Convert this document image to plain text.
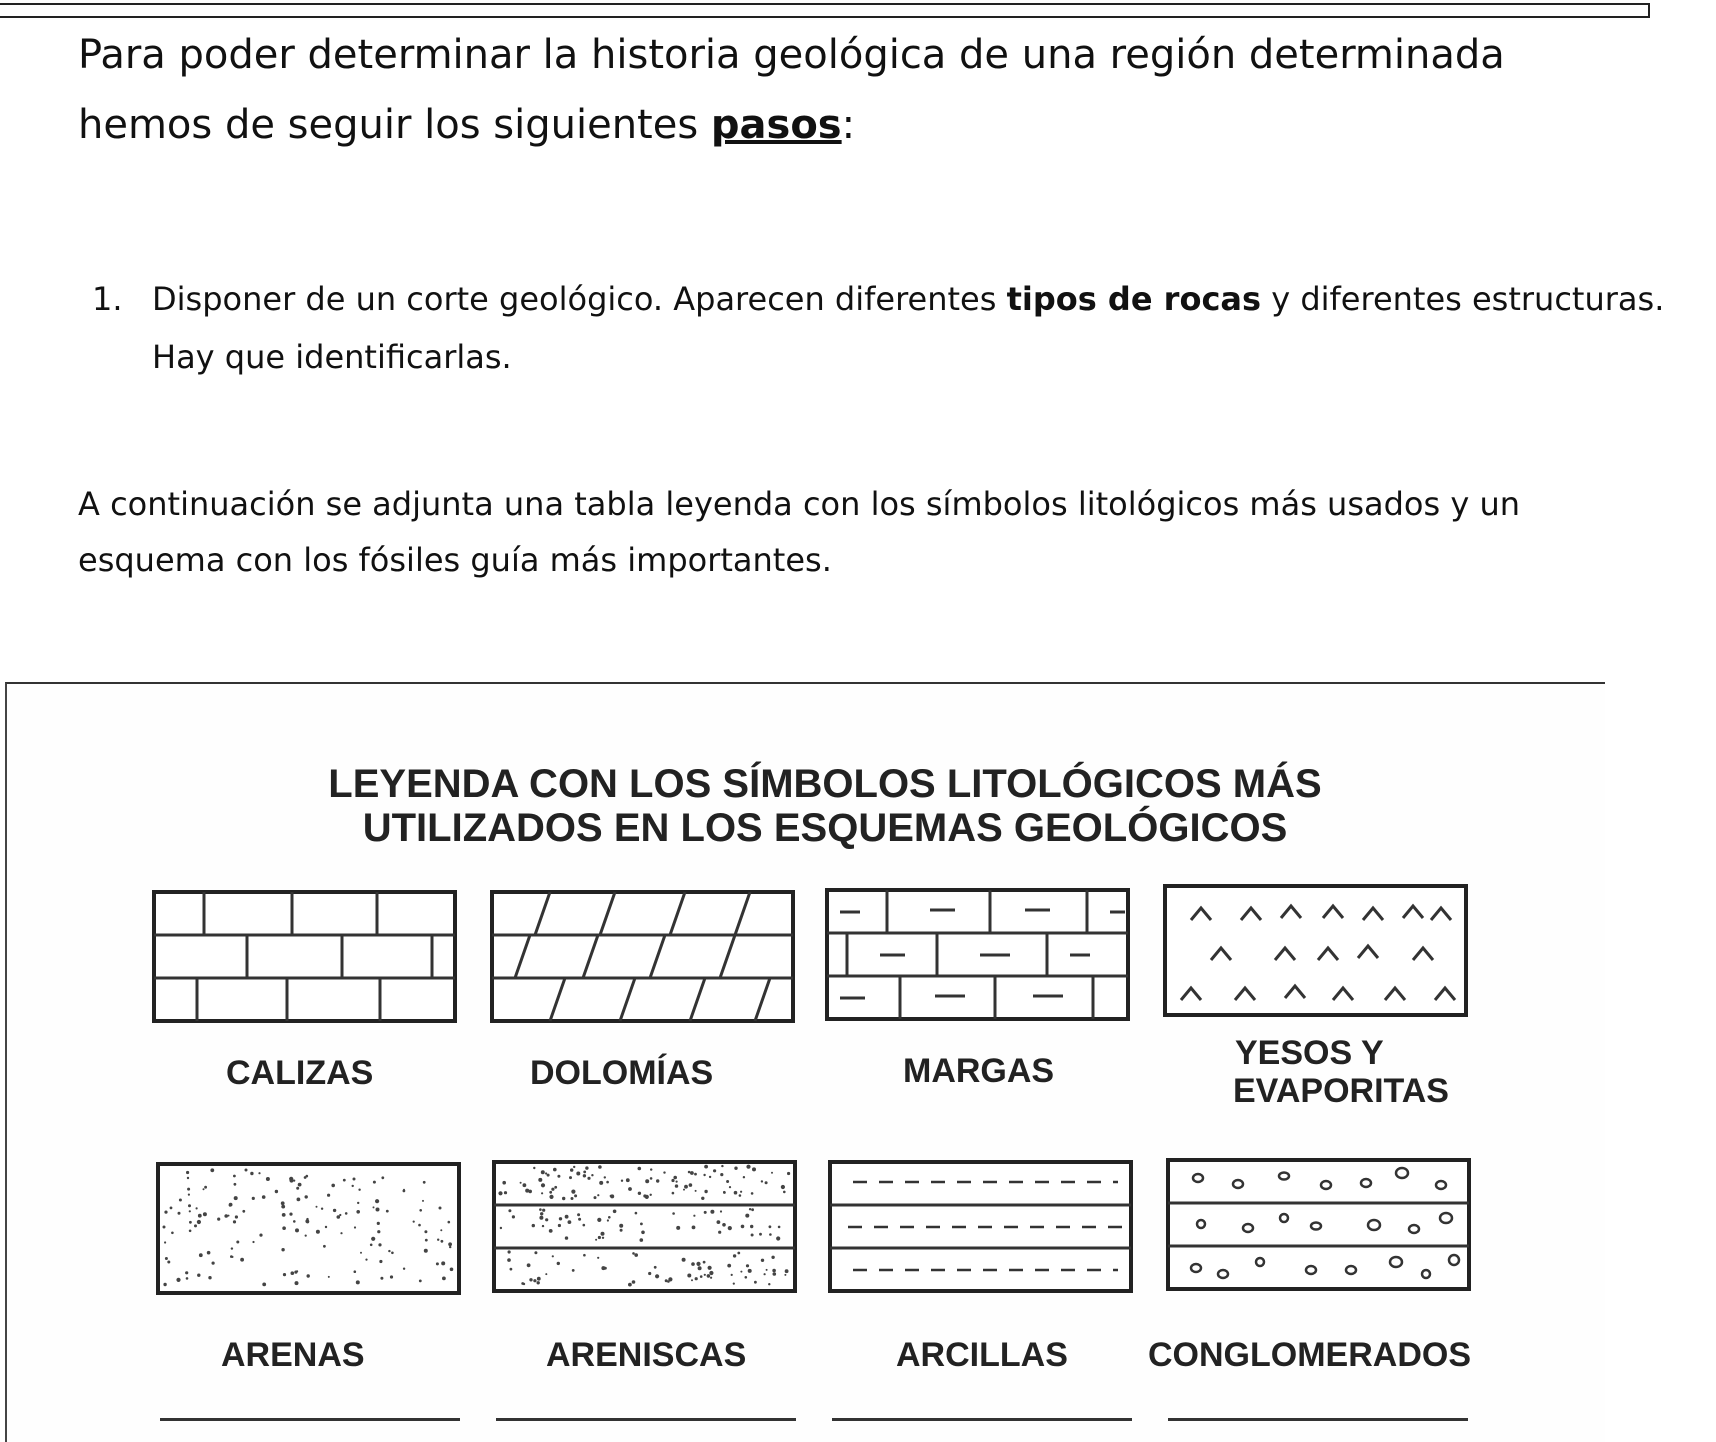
Para poder determinar la historia geológica de una región determinada
hemos de seguir los siguientes pasos:
1. Disponer de un corte geológico. Aparecen diferentes tipos de rocas y diferentes estructuras.
Hay que identificarlas.
A continuación se adjunta una tabla leyenda con los símbolos litológicos más usados y un
esquema con los fósiles guía más importantes.
LEYENDA CON LOS SÍMBOLOS LITOLÓGICOS MÁS
UTILIZADOS EN LOS ESQUEMAS GEOLÓGICOS
CALIZAS	DOLOMÍAS	MARGAS	YESOS Y
EVAPORITAS
ARENAS	ARENISCAS	ARCILLAS CONGLOMERADOS
